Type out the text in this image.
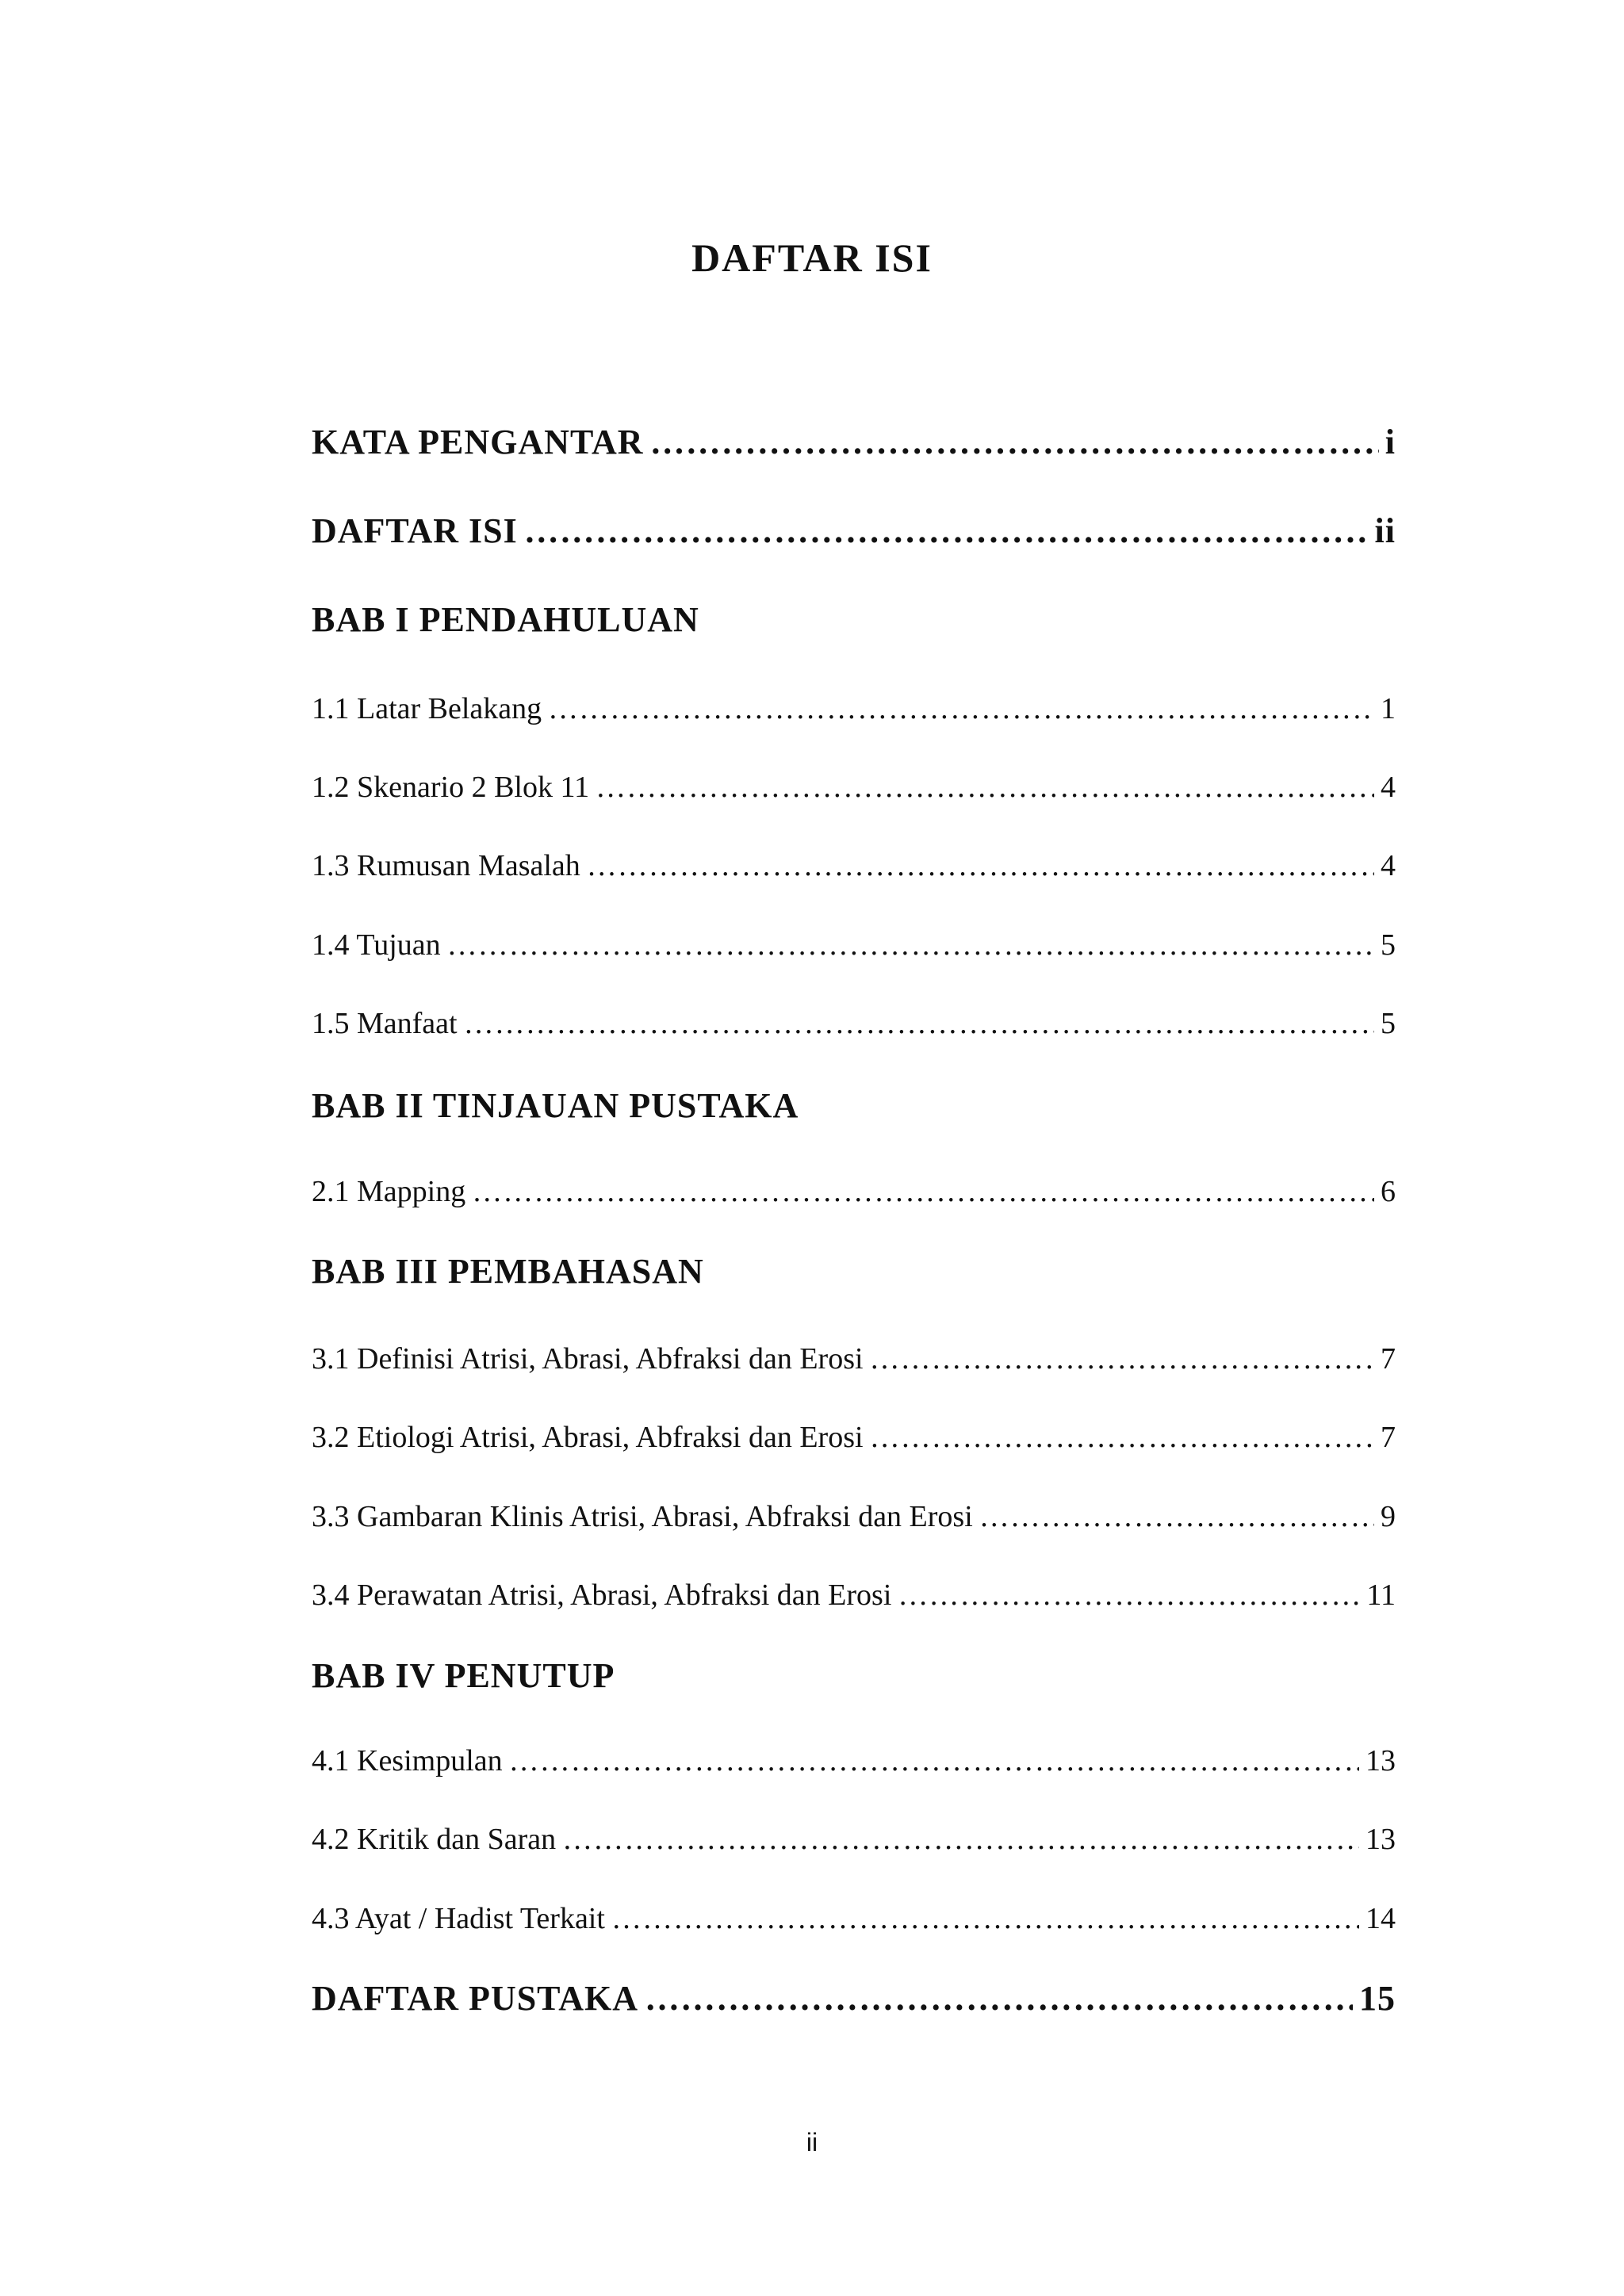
DAFTAR ISI
KATA PENGANTAR ……………………………………………………………………………………………………………………………………………………………………	i
DAFTAR ISI ……………………………………………………………………………………………………………………………………………………………………	ii
BAB I PENDAHULUAN
1.1 Latar Belakang ……………………………………………………………………………………………………………………………………………………………………	1
1.2 Skenario 2 Blok 11 ……………………………………………………………………………………………………………………………………………………………………	4
1.3 Rumusan Masalah ……………………………………………………………………………………………………………………………………………………………………	4
1.4 Tujuan ……………………………………………………………………………………………………………………………………………………………………	5
1.5 Manfaat ……………………………………………………………………………………………………………………………………………………………………	5
BAB II TINJAUAN PUSTAKA
2.1 Mapping ……………………………………………………………………………………………………………………………………………………………………	6
BAB III PEMBAHASAN
3.1 Definisi Atrisi, Abrasi, Abfraksi dan Erosi ……………………………………………………………………………………………………………………………………………………………………	7
3.2 Etiologi Atrisi, Abrasi, Abfraksi dan Erosi ……………………………………………………………………………………………………………………………………………………………………	7
3.3 Gambaran Klinis Atrisi, Abrasi, Abfraksi dan Erosi ……………………………………………………………………………………………………………………………………………………………………	9
3.4 Perawatan Atrisi, Abrasi, Abfraksi dan Erosi ……………………………………………………………………………………………………………………………………………………………………	11
BAB IV PENUTUP
4.1 Kesimpulan ……………………………………………………………………………………………………………………………………………………………………	13
4.2 Kritik dan Saran ……………………………………………………………………………………………………………………………………………………………………	13
4.3 Ayat / Hadist Terkait ……………………………………………………………………………………………………………………………………………………………………	14
DAFTAR PUSTAKA ……………………………………………………………………………………………………………………………………………………………………	15
ii
